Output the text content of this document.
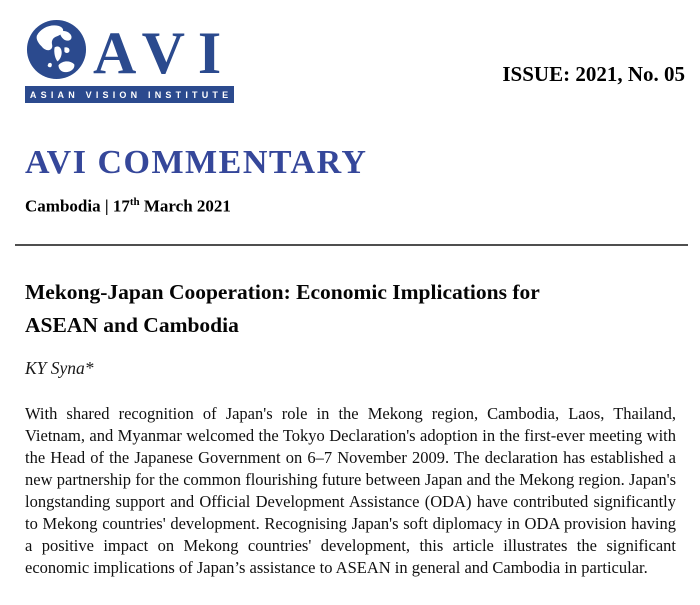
AVI
ASIAN VISION INSTITUTE
ISSUE: 2021, No. 05
AVI COMMENTARY
Cambodia | 17th March 2021
Mekong-Japan Cooperation: Economic Implications for
ASEAN and Cambodia
KY Syna*
With shared recognition of Japan's role in the Mekong region, Cambodia, Laos, Thailand, Vietnam, and Myanmar welcomed the Tokyo Declaration's adoption in the first-ever meeting with the Head of the Japanese Government on 6–7 November 2009. The declaration has established a new partnership for the common flourishing future between Japan and the Mekong region. Japan's longstanding support and Official Development Assistance (ODA) have contributed significantly to Mekong countries' development. Recognising Japan's soft diplomacy in ODA provision having a positive impact on Mekong countries' development, this article illustrates the significant economic implications of Japan’s assistance to ASEAN in general and Cambodia in particular.
